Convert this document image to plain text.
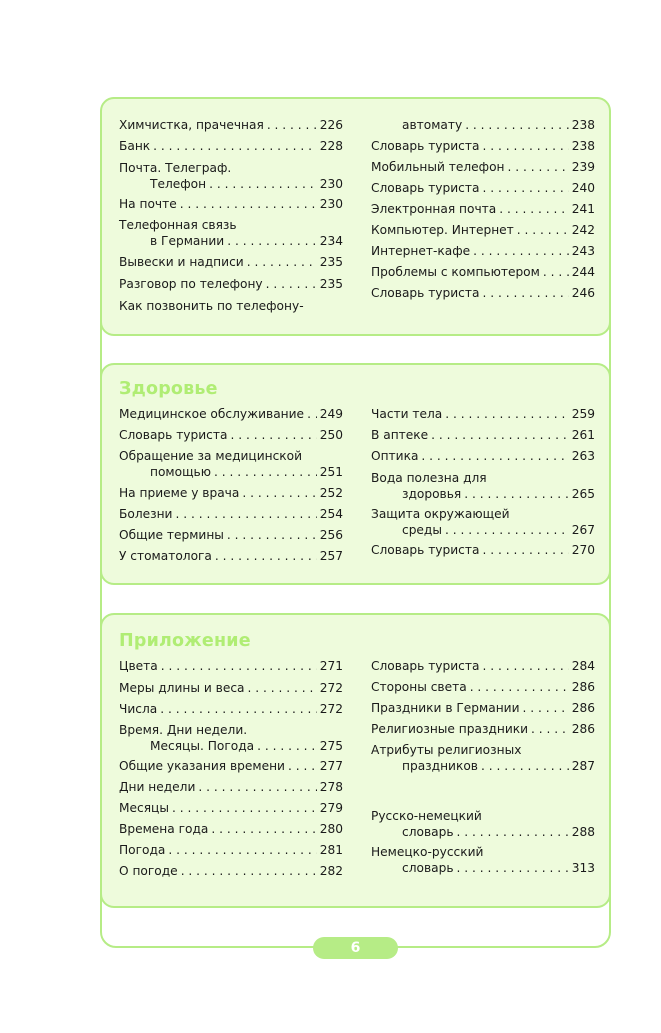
Химчистка, прачечная . . .	226
Банк . . .	228
Почта. Телеграф.
Телефон . . .	230
На почте . . .	230
Телефонная связь
в Германии . . .	234
Вывески и надписи . . .	235
Разговор по телефону . . .	235
Как позвонить по телефону-
автомату . . .	238
Словарь туриста . . .	238
Мобильный телефон . . .	239
Словарь туриста . . .	240
Электронная почта . . .	241
Компьютер. Интернет . . .	242
Интернет-кафе . . .	243
Проблемы с компьютером . . .	244
Словарь туриста . . .	246
Здоровье
Медицинское обслуживание . . . 249
Словарь туриста . . .	250
Обращение за медицинской
помощью . . .	251
На приеме у врача . . .	252
Болезни . . .	254
Общие термины . . .	256
У стоматолога . . .	257
Части тела . . .	259
В аптеке . . .	261
Оптика . . .	263
Вода полезна для
здоровья . . .	265
Защита окружающей
среды . . .	267
Словарь туриста . . .	270
Приложение
Цвета . . .	271
Меры длины и веса . . .	272
Числа . . .	272
Время. Дни недели.
Месяцы. Погода . . .	275
Общие указания времени . . .	277
Дни недели . . .	278
Месяцы . . .	279
Времена года . . .	280
Погода . . .	281
О погоде . . .	282
Словарь туриста . . .	284
Стороны света . . .	286
Праздники в Германии . . .	286
Религиозные праздники . . .	286
Атрибуты религиозных
праздников . . .	287
Русско-немецкий
словарь . . .	288
Немецко-русский
словарь . . .	313
6
